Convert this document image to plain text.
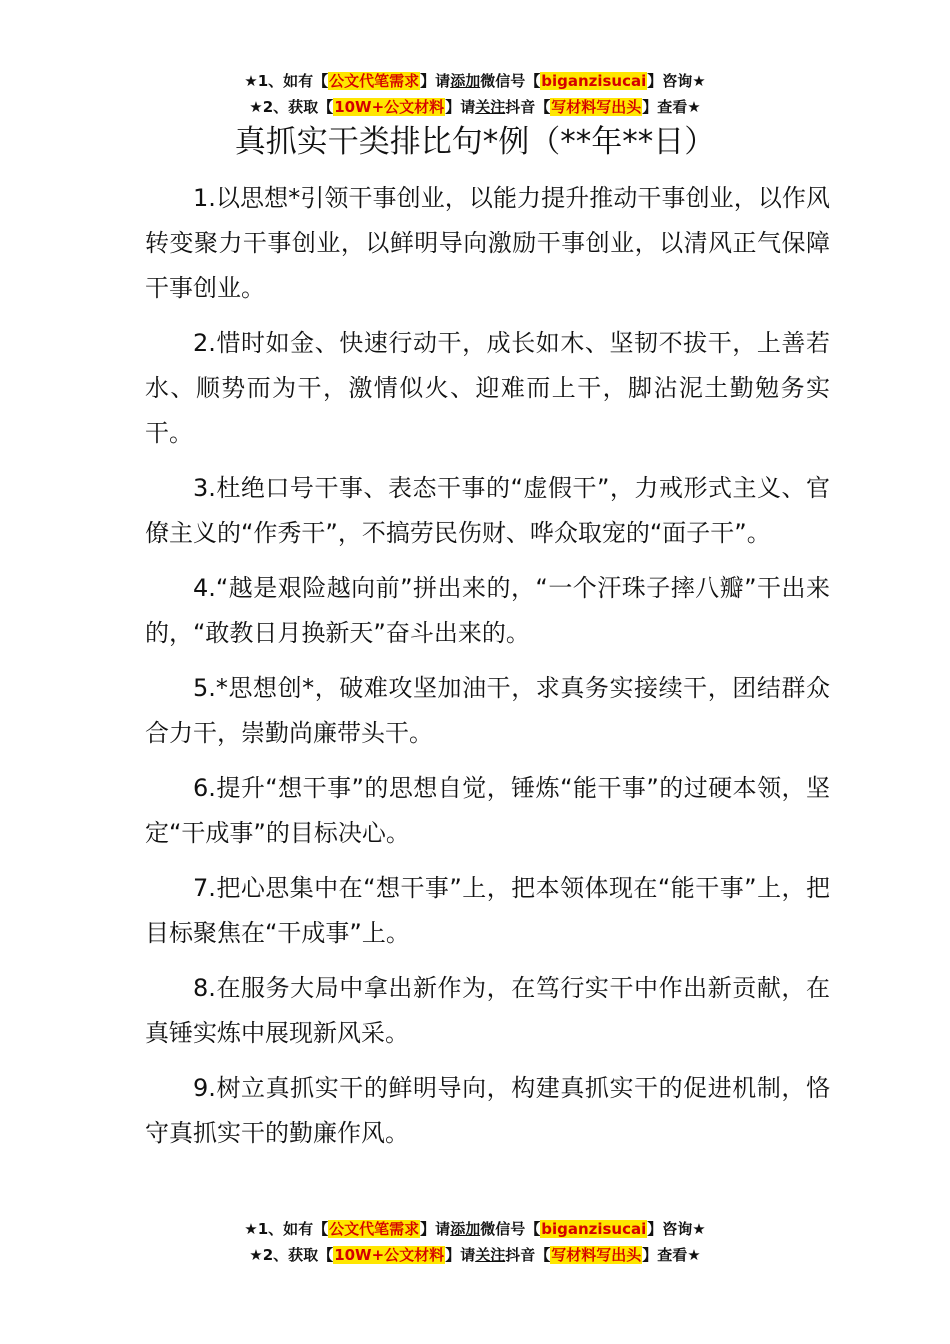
★1、如有【公文代笔需求】请添加微信号【biganzisucai】咨询★
★2、获取【10W+公文材料】请关注抖音【写材料写出头】查看★
真抓实干类排比句*例（**年**日）

1.以思想*引领干事创业，以能力提升推动干事创业，以作风转变聚力干事创业，以鲜明导向激励干事创业，以清风正气保障干事创业。

2.惜时如金、快速行动干，成长如木、坚韧不拔干，上善若水、顺势而为干，激情似火、迎难而上干，脚沾泥土勤勉务实干。

3.杜绝口号干事、表态干事的“虚假干”，力戒形式主义、官僚主义的“作秀干”，不搞劳民伤财、哗众取宠的“面子干”。

4.“越是艰险越向前”拼出来的，“一个汗珠子摔八瓣”干出来的，“敢教日月换新天”奋斗出来的。

5.*思想创*，破难攻坚加油干，求真务实接续干，团结群众合力干，崇勤尚廉带头干。

6.提升“想干事”的思想自觉，锤炼“能干事”的过硬本领，坚定“干成事”的目标决心。

7.把心思集中在“想干事”上，把本领体现在“能干事”上，把目标聚焦在“干成事”上。

8.在服务大局中拿出新作为，在笃行实干中作出新贡献，在真锤实炼中展现新风采。

9.树立真抓实干的鲜明导向，构建真抓实干的促进机制，恪守真抓实干的勤廉作风。

★1、如有【公文代笔需求】请添加微信号【biganzisucai】咨询★
★2、获取【10W+公文材料】请关注抖音【写材料写出头】查看★
